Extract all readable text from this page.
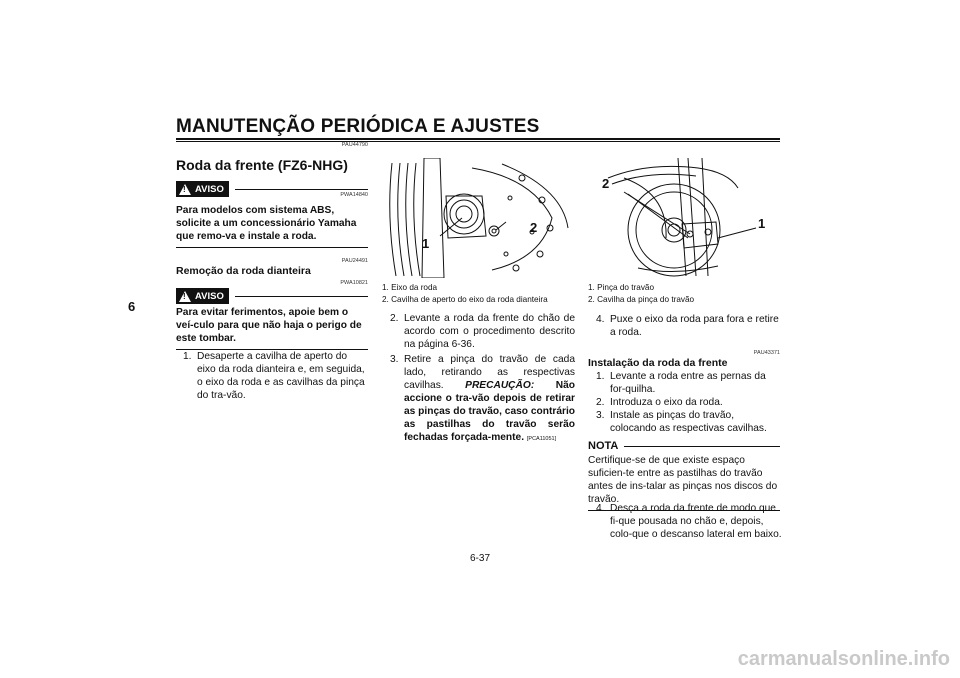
MANUTENÇÃO PERIÓDICA E AJUSTES
6
PAU44790
Roda da frente (FZ6-NHG)
! AVISO
PWA14840
Para modelos com sistema ABS, solicite a um concessionário Yamaha que remo-va e instale a roda.
PAU24491
Remoção da roda dianteira
! AVISO
PWA10821
Para evitar ferimentos, apoie bem o veí-culo para que não haja o perigo de este tombar.
1. Desaperte a cavilha de aperto do eixo da roda dianteira e, em seguida, o eixo da roda e as cavilhas da pinça do tra-vão.
1
2
1. Eixo da roda
2. Cavilha de aperto do eixo da roda dianteira
2. Levante a roda da frente do chão de acordo com o procedimento descrito na página 6-36.
3. Retire a pinça do travão de cada lado, retirando as respectivas cavilhas. PRECAUÇÃO: Não accione o tra-vão depois de retirar as pinças do travão, caso contrário as pastilhas do travão serão fechadas forçada-mente. [PCA11051]
2
1
1. Pinça do travão
2. Cavilha da pinça do travão
4. Puxe o eixo da roda para fora e retire a roda.
PAU43371
Instalação da roda da frente
1. Levante a roda entre as pernas da for-quilha.
2. Introduza o eixo da roda.
3. Instale as pinças do travão, colocando as respectivas cavilhas.
NOTA
Certifique-se de que existe espaço suficien-te entre as pastilhas do travão antes de ins-talar as pinças nos discos do travão.
4. Desça a roda da frente de modo que fi-que pousada no chão e, depois, colo-que o descanso lateral em baixo.
6-37
carmanualsonline.info
